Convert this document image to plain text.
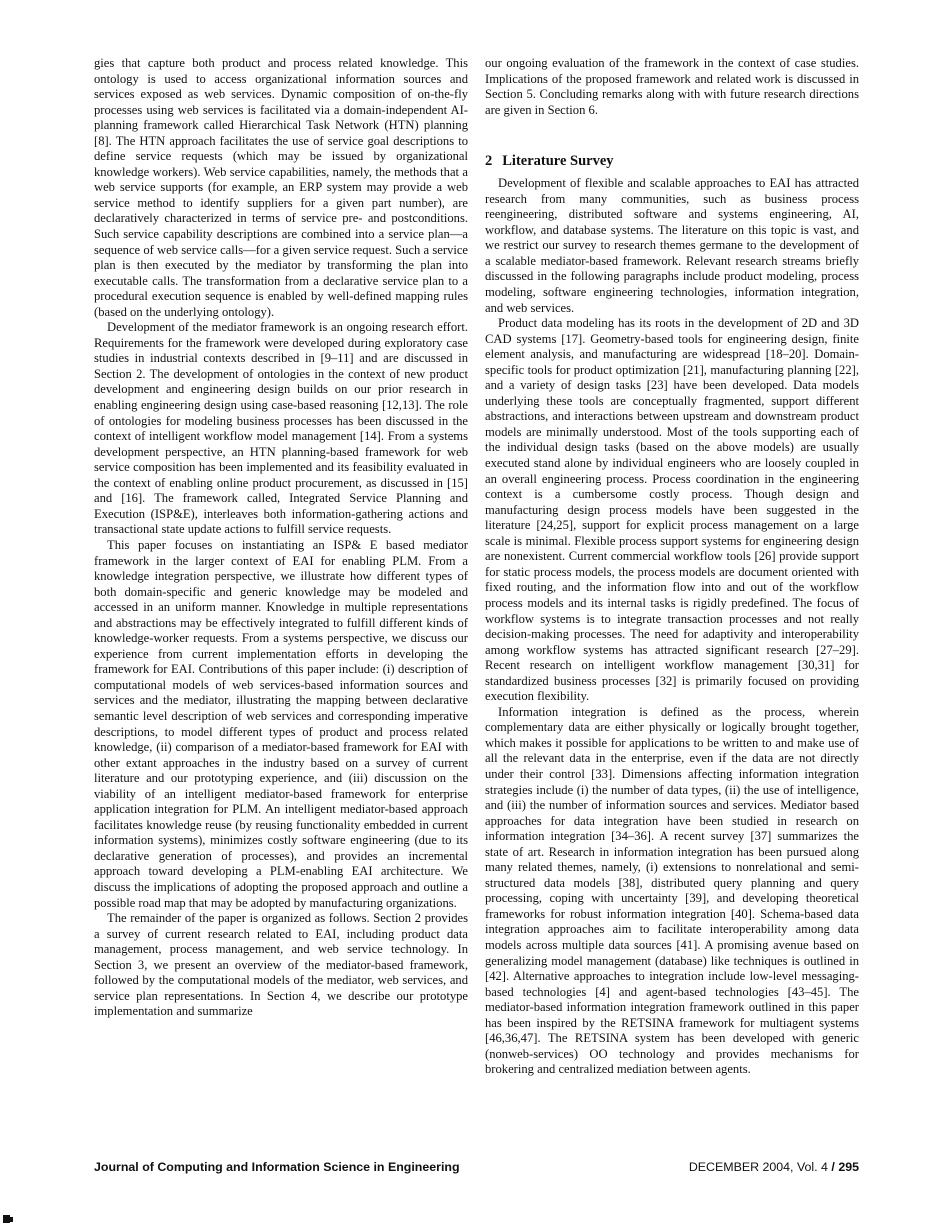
gies that capture both product and process related knowledge. This ontology is used to access organizational information sources and services exposed as web services. Dynamic composition of on-the-fly processes using web services is facilitated via a domain-independent AI-planning framework called Hierarchical Task Network (HTN) planning [8]. The HTN approach facilitates the use of service goal descriptions to define service requests (which may be issued by organizational knowledge workers). Web service capabilities, namely, the methods that a web service supports (for example, an ERP system may provide a web service method to identify suppliers for a given part number), are declaratively characterized in terms of service pre- and postconditions. Such service capability descriptions are combined into a service plan—a sequence of web service calls—for a given service request. Such a service plan is then executed by the mediator by transforming the plan into executable calls. The transformation from a declarative service plan to a procedural execution sequence is enabled by well-defined mapping rules (based on the underlying ontology).

Development of the mediator framework is an ongoing research effort. Requirements for the framework were developed during exploratory case studies in industrial contexts described in [9–11] and are discussed in Section 2. The development of ontologies in the context of new product development and engineering design builds on our prior research in enabling engineering design using case-based reasoning [12,13]. The role of ontologies for modeling business processes has been discussed in the context of intelligent workflow model management [14]. From a systems development perspective, an HTN planning-based framework for web service composition has been implemented and its feasibility evaluated in the context of enabling online product procurement, as discussed in [15] and [16]. The framework called, Integrated Service Planning and Execution (ISP&E), interleaves both information-gathering actions and transactional state update actions to fulfill service requests.

This paper focuses on instantiating an ISP& E based mediator framework in the larger context of EAI for enabling PLM. From a knowledge integration perspective, we illustrate how different types of both domain-specific and generic knowledge may be modeled and accessed in an uniform manner. Knowledge in multiple representations and abstractions may be effectively integrated to fulfill different kinds of knowledge-worker requests. From a systems perspective, we discuss our experience from current implementation efforts in developing the framework for EAI. Contributions of this paper include: (i) description of computational models of web services-based information sources and services and the mediator, illustrating the mapping between declarative semantic level description of web services and corresponding imperative descriptions, to model different types of product and process related knowledge, (ii) comparison of a mediator-based framework for EAI with other extant approaches in the industry based on a survey of current literature and our prototyping experience, and (iii) discussion on the viability of an intelligent mediator-based framework for enterprise application integration for PLM. An intelligent mediator-based approach facilitates knowledge reuse (by reusing functionality embedded in current information systems), minimizes costly software engineering (due to its declarative generation of processes), and provides an incremental approach toward developing a PLM-enabling EAI architecture. We discuss the implications of adopting the proposed approach and outline a possible road map that may be adopted by manufacturing organizations.

The remainder of the paper is organized as follows. Section 2 provides a survey of current research related to EAI, including product data management, process management, and web service technology. In Section 3, we present an overview of the mediator-based framework, followed by the computational models of the mediator, web services, and service plan representations. In Section 4, we describe our prototype implementation and summarize

our ongoing evaluation of the framework in the context of case studies. Implications of the proposed framework and related work is discussed in Section 5. Concluding remarks along with with future research directions are given in Section 6.

2 Literature Survey

Development of flexible and scalable approaches to EAI has attracted research from many communities, such as business process reengineering, distributed software and systems engineering, AI, workflow, and database systems. The literature on this topic is vast, and we restrict our survey to research themes germane to the development of a scalable mediator-based framework. Relevant research streams briefly discussed in the following paragraphs include product modeling, process modeling, software engineering technologies, information integration, and web services.

Product data modeling has its roots in the development of 2D and 3D CAD systems [17]. Geometry-based tools for engineering design, finite element analysis, and manufacturing are widespread [18–20]. Domain-specific tools for product optimization [21], manufacturing planning [22], and a variety of design tasks [23] have been developed. Data models underlying these tools are conceptually fragmented, support different abstractions, and interactions between upstream and downstream product models are minimally understood. Most of the tools supporting each of the individual design tasks (based on the above models) are usually executed stand alone by individual engineers who are loosely coupled in an overall engineering process. Process coordination in the engineering context is a cumbersome costly process. Though design and manufacturing design process models have been suggested in the literature [24,25], support for explicit process management on a large scale is minimal. Flexible process support systems for engineering design are nonexistent. Current commercial workflow tools [26] provide support for static process models, the process models are document oriented with fixed routing, and the information flow into and out of the workflow process models and its internal tasks is rigidly predefined. The focus of workflow systems is to integrate transaction processes and not really decision-making processes. The need for adaptivity and interoperability among workflow systems has attracted significant research [27–29]. Recent research on intelligent workflow management [30,31] for standardized business processes [32] is primarily focused on providing execution flexibility.

Information integration is defined as the process, wherein complementary data are either physically or logically brought together, which makes it possible for applications to be written to and make use of all the relevant data in the enterprise, even if the data are not directly under their control [33]. Dimensions affecting information integration strategies include (i) the number of data types, (ii) the use of intelligence, and (iii) the number of information sources and services. Mediator based approaches for data integration have been studied in research on information integration [34–36]. A recent survey [37] summarizes the state of art. Research in information integration has been pursued along many related themes, namely, (i) extensions to nonrelational and semi-structured data models [38], distributed query planning and query processing, coping with uncertainty [39], and developing theoretical frameworks for robust information integration [40]. Schema-based data integration approaches aim to facilitate interoperability among data models across multiple data sources [41]. A promising avenue based on generalizing model management (database) like techniques is outlined in [42]. Alternative approaches to integration include low-level messaging-based technologies [4] and agent-based technologies [43–45]. The mediator-based information integration framework outlined in this paper has been inspired by the RETSINA framework for multiagent systems [46,36,47]. The RETSINA system has been developed with generic (nonweb-services) OO technology and provides mechanisms for brokering and centralized mediation between agents.

Journal of Computing and Information Science in Engineering	DECEMBER 2004, Vol. 4 / 295
